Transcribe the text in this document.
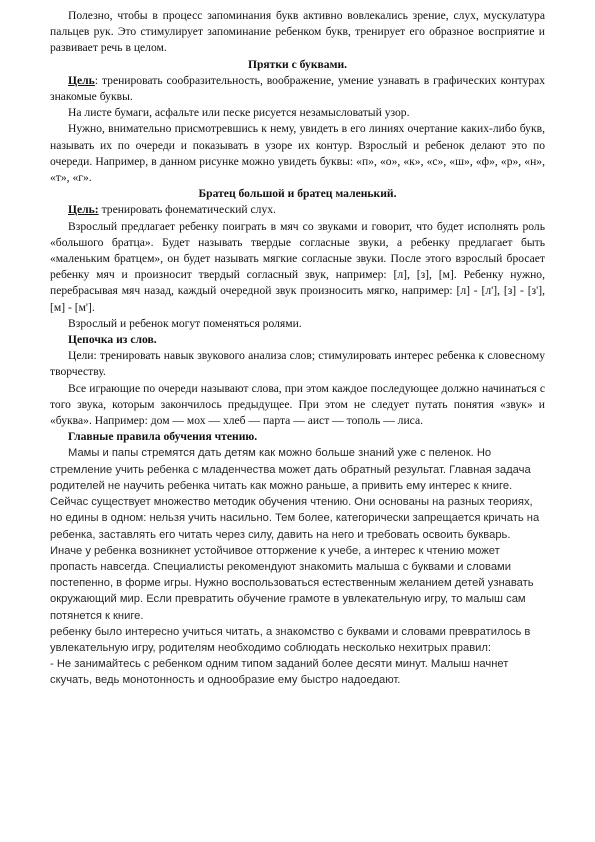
Полезно, чтобы в процесс запоминания букв активно вовлекались зрение, слух, мускулатура пальцев рук. Это стимулирует запоминание ребенком букв, тренирует его образное восприятие и развивает речь в целом.

Прятки с буквами.

Цель: тренировать сообразительность, воображение, умение узнавать в графических контурах знакомые буквы.

На листе бумаги, асфальте или песке рисуется незамысловатый узор.

Нужно, внимательно присмотревшись к нему, увидеть в его линиях очертание каких-либо букв, называть их по очереди и показывать в узоре их контур. Взрослый и ребенок делают это по очереди. Например, в данном рисунке можно увидеть буквы: «п», «о», «к», «с», «ш», «ф», «р», «н», «т», «г».

Братец большой и братец маленький.

Цель: тренировать фонематический слух.

Взрослый предлагает ребенку поиграть в мяч со звуками и говорит, что будет исполнять роль «большого братца». Будет называть твердые согласные звуки, а ребенку предлагает быть «маленьким братцем», он будет называть мягкие согласные звуки. После этого взрослый бросает ребенку мяч и произносит твердый согласный звук, например: [л], [з], [м]. Ребенку нужно, перебрасывая мяч назад, каждый очередной звук произносить мягко, например: [л] - [л'], [з] - [з'], [м] - [м'].

Взрослый и ребенок могут поменяться ролями.

Цепочка из слов.

Цели: тренировать навык звукового анализа слов; стимулировать интерес ребенка к словесному творчеству.

Все играющие по очереди называют слова, при этом каждое последующее должно начинаться с того звука, которым закончилось предыдущее. При этом не следует путать понятия «звук» и «буква». Например: дом — мох — хлеб — парта — аист — тополь — лиса.

Главные правила обучения чтению.

Мамы и папы стремятся дать детям как можно больше знаний уже с пеленок. Но стремление учить ребенка с младенчества может дать обратный результат. Главная задача родителей не научить ребенка читать как можно раньше, а привить ему интерес к книге. Сейчас существует множество методик обучения чтению. Они основаны на разных теориях, но едины в одном: нельзя учить насильно. Тем более, категорически запрещается кричать на ребенка, заставлять его читать через силу, давить на него и требовать освоить букварь. Иначе у ребенка возникнет устойчивое отторжение к учебе, а интерес к чтению может пропасть навсегда. Специалисты рекомендуют знакомить малыша с буквами и словами постепенно, в форме игры. Нужно воспользоваться естественным желанием детей узнавать окружающий мир. Если превратить обучение грамоте в увлекательную игру, то малыш сам потянется к книге.

ребенку было интересно учиться читать, а знакомство с буквами и словами превратилось в увлекательную игру, родителям необходимо соблюдать несколько нехитрых правил:

- Не занимайтесь с ребенком одним типом заданий более десяти минут. Малыш начнет скучать, ведь монотонность и однообразие ему быстро надоедают.
